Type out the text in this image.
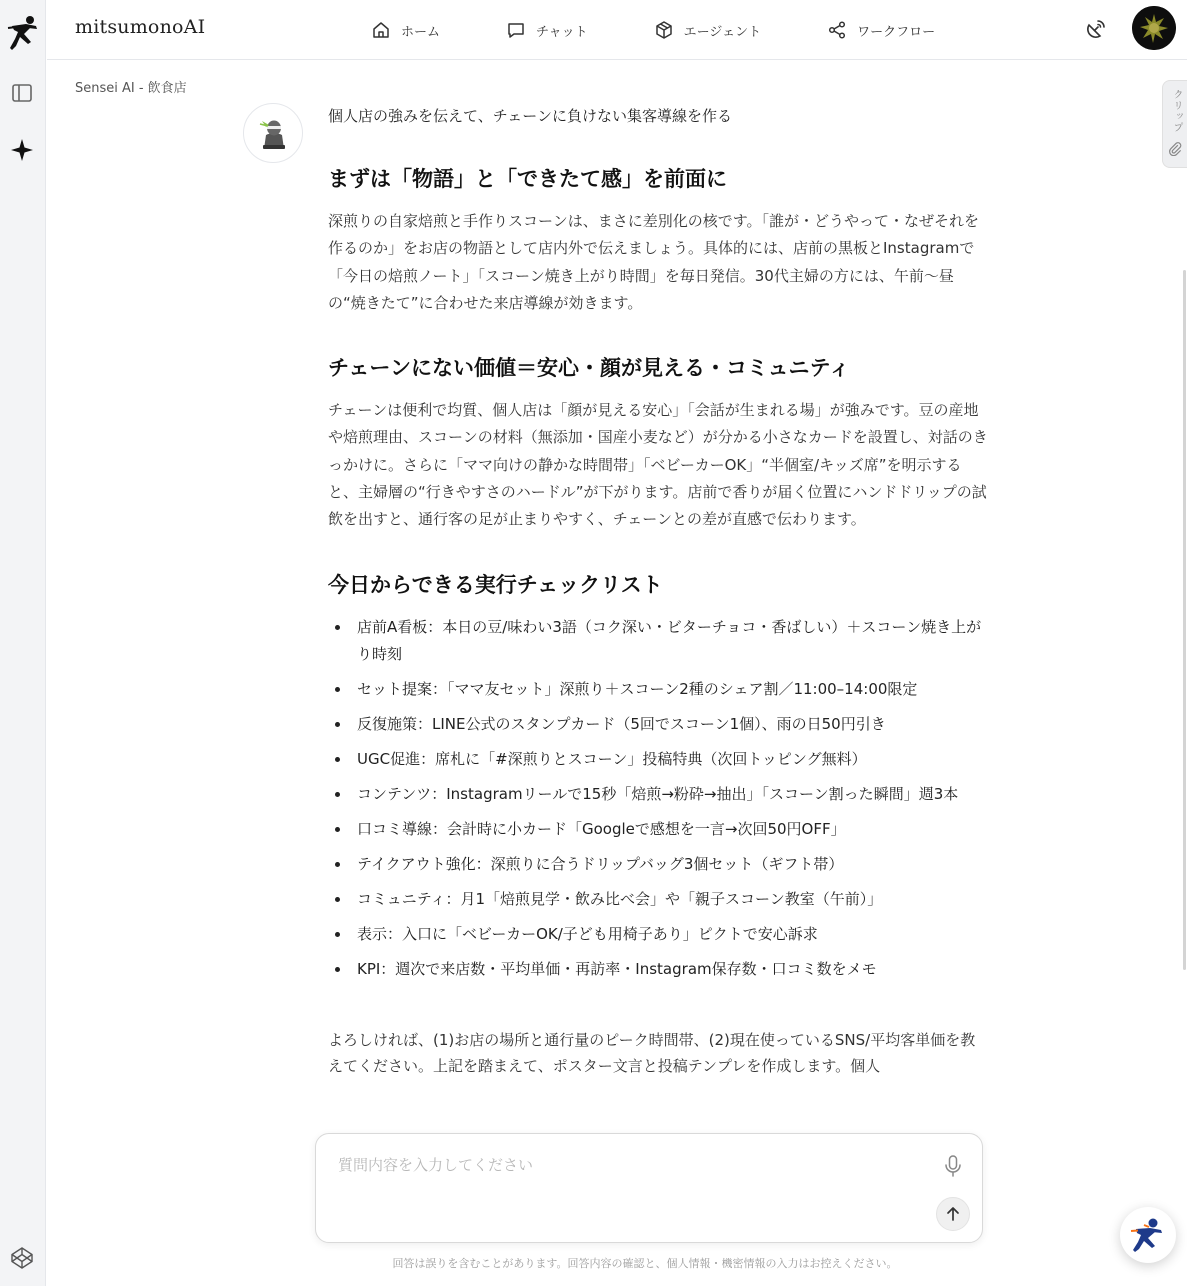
mitsumonoAI	ホーム	チャット	エージェント	ワークフロー
Sensei AI - 飲食店
クリップ

個人店の強みを伝えて、チェーンに負けない集客導線を作る

まずは「物語」と「できたて感」を前面に

深煎りの自家焙煎と手作りスコーンは、まさに差別化の核です。「誰が・どうやって・なぜそれを作るのか」をお店の物語として店内外で伝えましょう。具体的には、店前の黒板とInstagramで「今日の焙煎ノート」「スコーン焼き上がり時間」を毎日発信。30代主婦の方には、午前〜昼の“焼きたて”に合わせた来店導線が効きます。

チェーンにない価値＝安心・顔が見える・コミュニティ

チェーンは便利で均質、個人店は「顔が見える安心」「会話が生まれる場」が強みです。豆の産地や焙煎理由、スコーンの材料（無添加・国産小麦など）が分かる小さなカードを設置し、対話のきっかけに。さらに「ママ向けの静かな時間帯」「ベビーカーOK」“半個室/キッズ席”を明示すると、主婦層の“行きやすさのハードル”が下がります。店前で香りが届く位置にハンドドリップの試飲を出すと、通行客の足が止まりやすく、チェーンとの差が直感で伝わります。

今日からできる実行チェックリスト
店前A看板：本日の豆/味わい3語（コク深い・ビターチョコ・香ばしい）＋スコーン焼き上がり時刻
セット提案：「ママ友セット」深煎り＋スコーン2種のシェア割／11:00–14:00限定
反復施策：LINE公式のスタンプカード（5回でスコーン1個）、雨の日50円引き
UGC促進：席札に「#深煎りとスコーン」投稿特典（次回トッピング無料）
コンテンツ：Instagramリールで15秒「焙煎→粉砕→抽出」「スコーン割った瞬間」週3本
口コミ導線：会計時に小カード「Googleで感想を一言→次回50円OFF」
テイクアウト強化：深煎りに合うドリップバッグ3個セット（ギフト帯）
コミュニティ：月1「焙煎見学・飲み比べ会」や「親子スコーン教室（午前）」
表示：入口に「ベビーカーOK/子ども用椅子あり」ピクトで安心訴求
KPI：週次で来店数・平均単価・再訪率・Instagram保存数・口コミ数をメモ

よろしければ、(1)お店の場所と通行量のピーク時間帯、(2)現在使っているSNS/平均客単価を教えてください。上記を踏まえて、ポスター文言と投稿テンプレを作成します。個人

質問内容を入力してください
回答は誤りを含むことがあります。回答内容の確認と、個人情報・機密情報の入力はお控えください。
